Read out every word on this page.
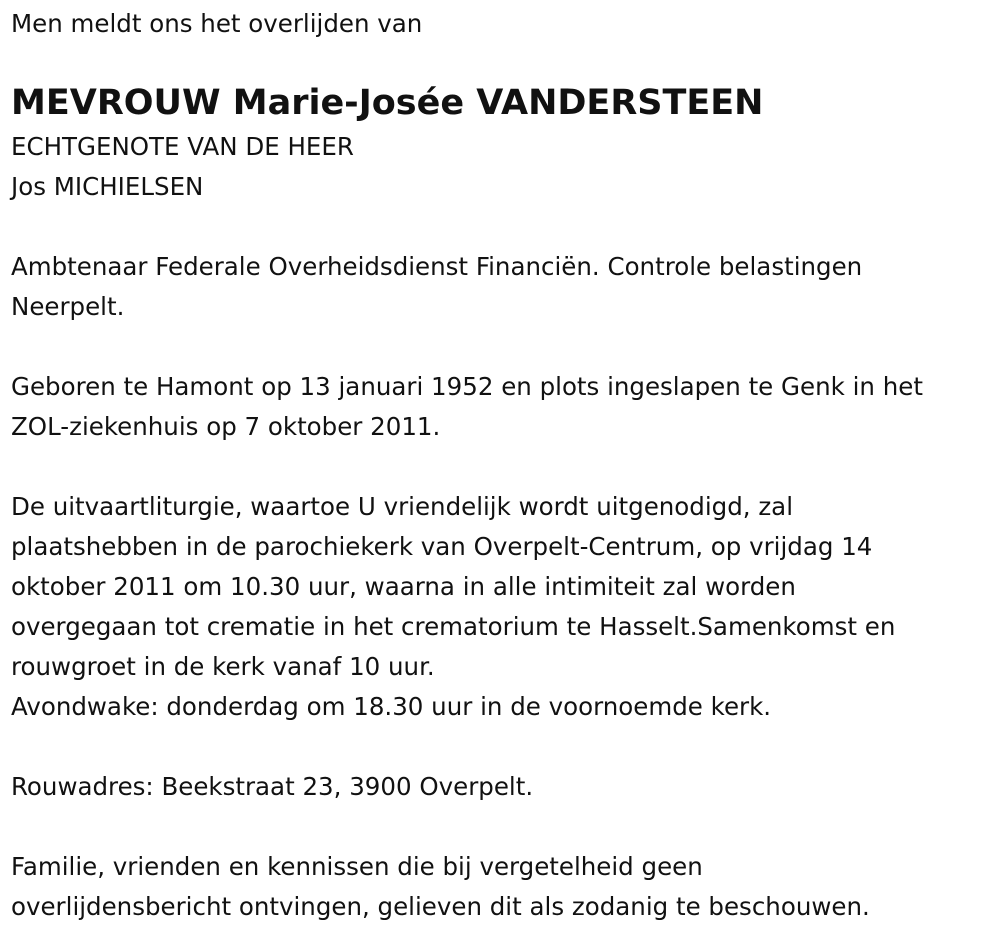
Men meldt ons het overlijden van
MEVROUW Marie-Josée VANDERSTEEN
ECHTGENOTE VAN DE HEER
Jos MICHIELSEN
Ambtenaar Federale Overheidsdienst Financiën. Controle belastingen
Neerpelt.
Geboren te Hamont op 13 januari 1952 en plots ingeslapen te Genk in het
ZOL-ziekenhuis op 7 oktober 2011.
De uitvaartliturgie, waartoe U vriendelijk wordt uitgenodigd, zal
plaatshebben in de parochiekerk van Overpelt-Centrum, op vrijdag 14
oktober 2011 om 10.30 uur, waarna in alle intimiteit zal worden
overgegaan tot crematie in het crematorium te Hasselt.Samenkomst en
rouwgroet in de kerk vanaf 10 uur.
Avondwake: donderdag om 18.30 uur in de voornoemde kerk.
Rouwadres: Beekstraat 23, 3900 Overpelt.
Familie, vrienden en kennissen die bij vergetelheid geen
overlijdensbericht ontvingen, gelieven dit als zodanig te beschouwen.
